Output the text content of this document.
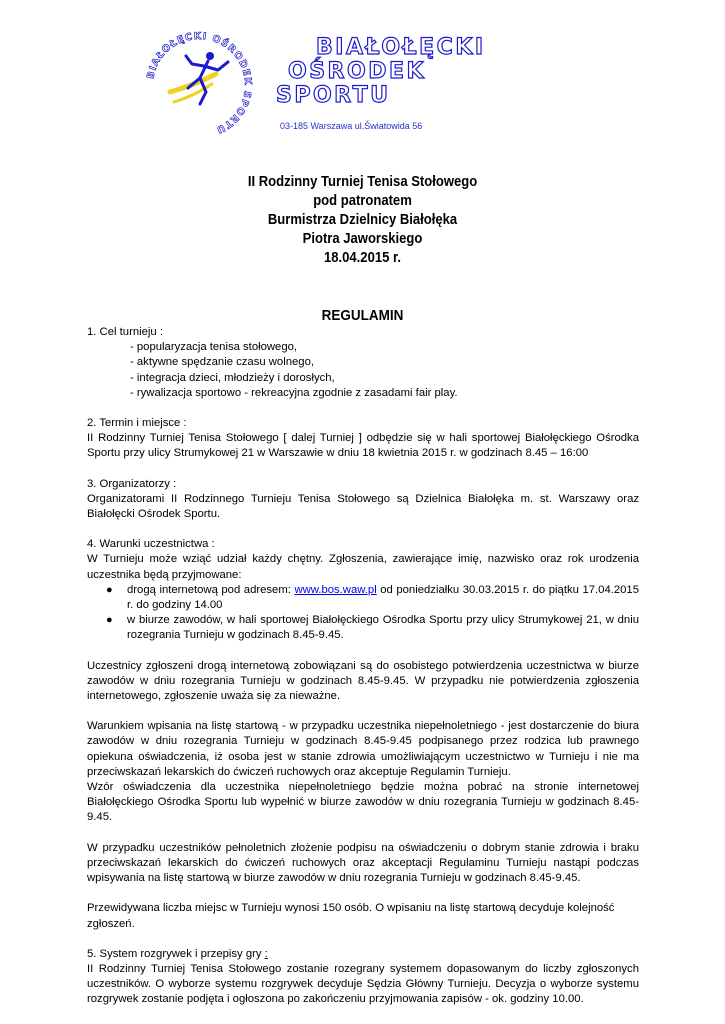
BIAŁOŁĘCKI OŚRODEK SPORTU
BIAŁOŁĘCKI
OŚRODEK
SPORTU
03-185 Warszawa ul.Światowida 56
II Rodzinny Turniej Tenisa Stołowego
pod patronatem
Burmistrza Dzielnicy Białołęka
Piotra Jaworskiego
18.04.2015 r.
REGULAMIN

1. Cel turnieju :

- popularyzacja tenisa stołowego,
- aktywne spędzanie czasu wolnego,
- integracja dzieci, młodzieży i dorosłych,
- rywalizacja sportowo - rekreacyjna zgodnie z zasadami fair play.

2. Termin i miejsce :

II Rodzinny Turniej Tenisa Stołowego [ dalej Turniej ] odbędzie się w hali sportowej Białołęckiego Ośrodka Sportu przy ulicy Strumykowej 21 w Warszawie w dniu 18 kwietnia 2015 r. w godzinach 8.45 – 16:00

3. Organizatorzy :

Organizatorami II Rodzinnego Turnieju Tenisa Stołowego są Dzielnica Białołęka m. st. Warszawy oraz Białołęcki Ośrodek Sportu.

4. Warunki uczestnictwa :

W Turnieju może wziąć udział każdy chętny. Zgłoszenia, zawierające imię, nazwisko oraz rok urodzenia uczestnika będą przyjmowane:

● drogą internetową pod adresem: www.bos.waw.pl od poniedziałku 30.03.2015 r. do piątku 17.04.2015 r. do godziny 14.00
● w biurze zawodów, w hali sportowej Białołęckiego Ośrodka Sportu przy ulicy Strumykowej 21, w dniu rozegrania Turnieju w godzinach 8.45-9.45.

Uczestnicy zgłoszeni drogą internetową zobowiązani są do osobistego potwierdzenia uczestnictwa w biurze zawodów w dniu rozegrania Turnieju w godzinach 8.45-9.45. W przypadku nie potwierdzenia zgłoszenia internetowego, zgłoszenie uważa się za nieważne.

Warunkiem wpisania na listę startową - w przypadku uczestnika niepełnoletniego - jest dostarczenie do biura zawodów w dniu rozegrania Turnieju w godzinach 8.45-9.45 podpisanego przez rodzica lub prawnego opiekuna oświadczenia, iż osoba jest w stanie zdrowia umożliwiającym uczestnictwo w Turnieju i nie ma przeciwskazań lekarskich do ćwiczeń ruchowych oraz akceptuje Regulamin Turnieju.

Wzór oświadczenia dla uczestnika niepełnoletniego będzie można pobrać na stronie internetowej Białołęckiego Ośrodka Sportu lub wypełnić w biurze zawodów w dniu rozegrania Turnieju w godzinach 8.45-9.45.

W przypadku uczestników pełnoletnich złożenie podpisu na oświadczeniu o dobrym stanie zdrowia i braku przeciwskazań lekarskich do ćwiczeń ruchowych oraz akceptacji Regulaminu Turnieju nastąpi podczas wpisywania na listę startową w biurze zawodów w dniu rozegrania Turnieju w godzinach 8.45-9.45.

Przewidywana liczba miejsc w Turnieju wynosi 150 osób. O wpisaniu na listę startową decyduje kolejność zgłoszeń.

5. System rozgrywek i przepisy gry :

II Rodzinny Turniej Tenisa Stołowego zostanie rozegrany systemem dopasowanym do liczby zgłoszonych uczestników. O wyborze systemu rozgrywek decyduje Sędzia Główny Turnieju. Decyzja o wyborze systemu rozgrywek zostanie podjęta i ogłoszona po zakończeniu przyjmowania zapisów - ok. godziny 10.00.
